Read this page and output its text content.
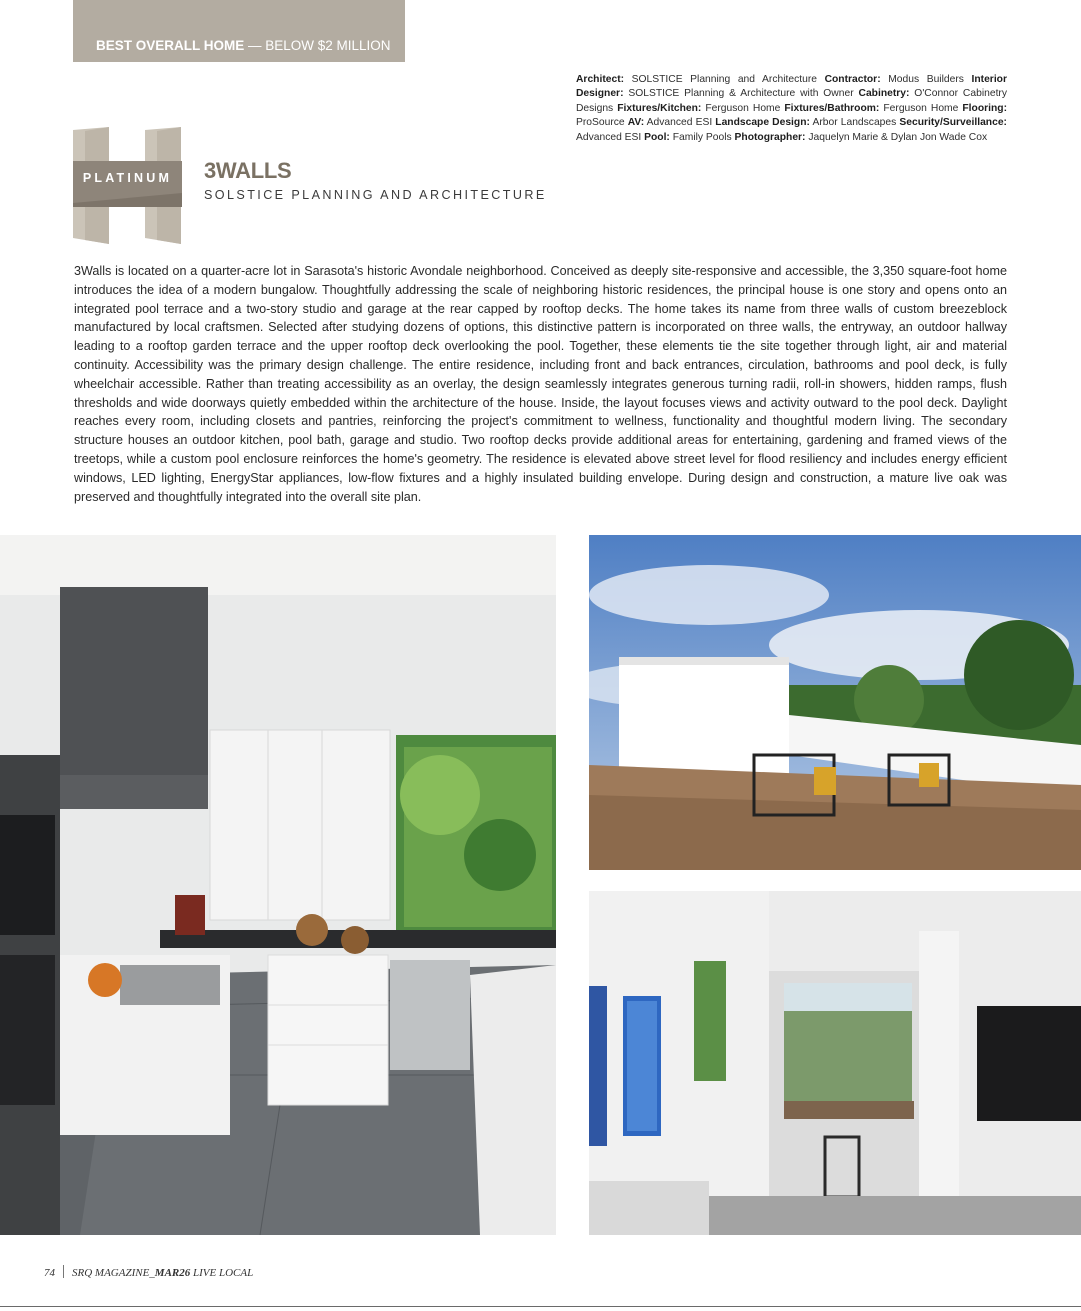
BEST OVERALL HOME — BELOW $2 MILLION
Architect: SOLSTICE Planning and Architecture Contractor: Modus Builders Interior Designer: SOLSTICE Planning & Architecture with Owner Cabinetry: O'Connor Cabinetry Designs Fixtures/Kitchen: Ferguson Home Fixtures/Bathroom: Ferguson Home Flooring: ProSource AV: Advanced ESI Landscape Design: Arbor Landscapes Security/Surveillance: Advanced ESI Pool: Family Pools Photographer: Jaquelyn Marie & Dylan Jon Wade Cox
PLATINUM	3WALLS
SOLSTICE PLANNING AND ARCHITECTURE
3Walls is located on a quarter-acre lot in Sarasota's historic Avondale neighborhood. Conceived as deeply site-responsive and accessible, the 3,350 square-foot home introduces the idea of a modern bungalow. Thoughtfully addressing the scale of neighboring historic residences, the principal house is one story and opens onto an integrated pool terrace and a two-story studio and garage at the rear capped by rooftop decks. The home takes its name from three walls of custom breezeblock manufactured by local craftsmen. Selected after studying dozens of options, this distinctive pattern is incorporated on three walls, the entryway, an outdoor hallway leading to a rooftop garden terrace and the upper rooftop deck overlooking the pool. Together, these elements tie the site together through light, air and material continuity. Accessibility was the primary design challenge. The entire residence, including front and back entrances, circulation, bathrooms and pool deck, is fully wheelchair accessible. Rather than treating accessibility as an overlay, the design seamlessly integrates generous turning radii, roll-in showers, hidden ramps, flush thresholds and wide doorways quietly embedded within the architecture of the house. Inside, the layout focuses views and activity outward to the pool deck. Daylight reaches every room, including closets and pantries, reinforcing the project's commitment to wellness, functionality and thoughtful modern living. The secondary structure houses an outdoor kitchen, pool bath, garage and studio. Two rooftop decks provide additional areas for entertaining, gardening and framed views of the treetops, while a custom pool enclosure reinforces the home's geometry. The residence is elevated above street level for flood resiliency and includes energy efficient windows, LED lighting, EnergyStar appliances, low-flow fixtures and a highly insulated building envelope. During design and construction, a mature live oak was preserved and thoughtfully integrated into the overall site plan.
74 SRQ MAGAZINE_MAR26 LIVE LOCAL
